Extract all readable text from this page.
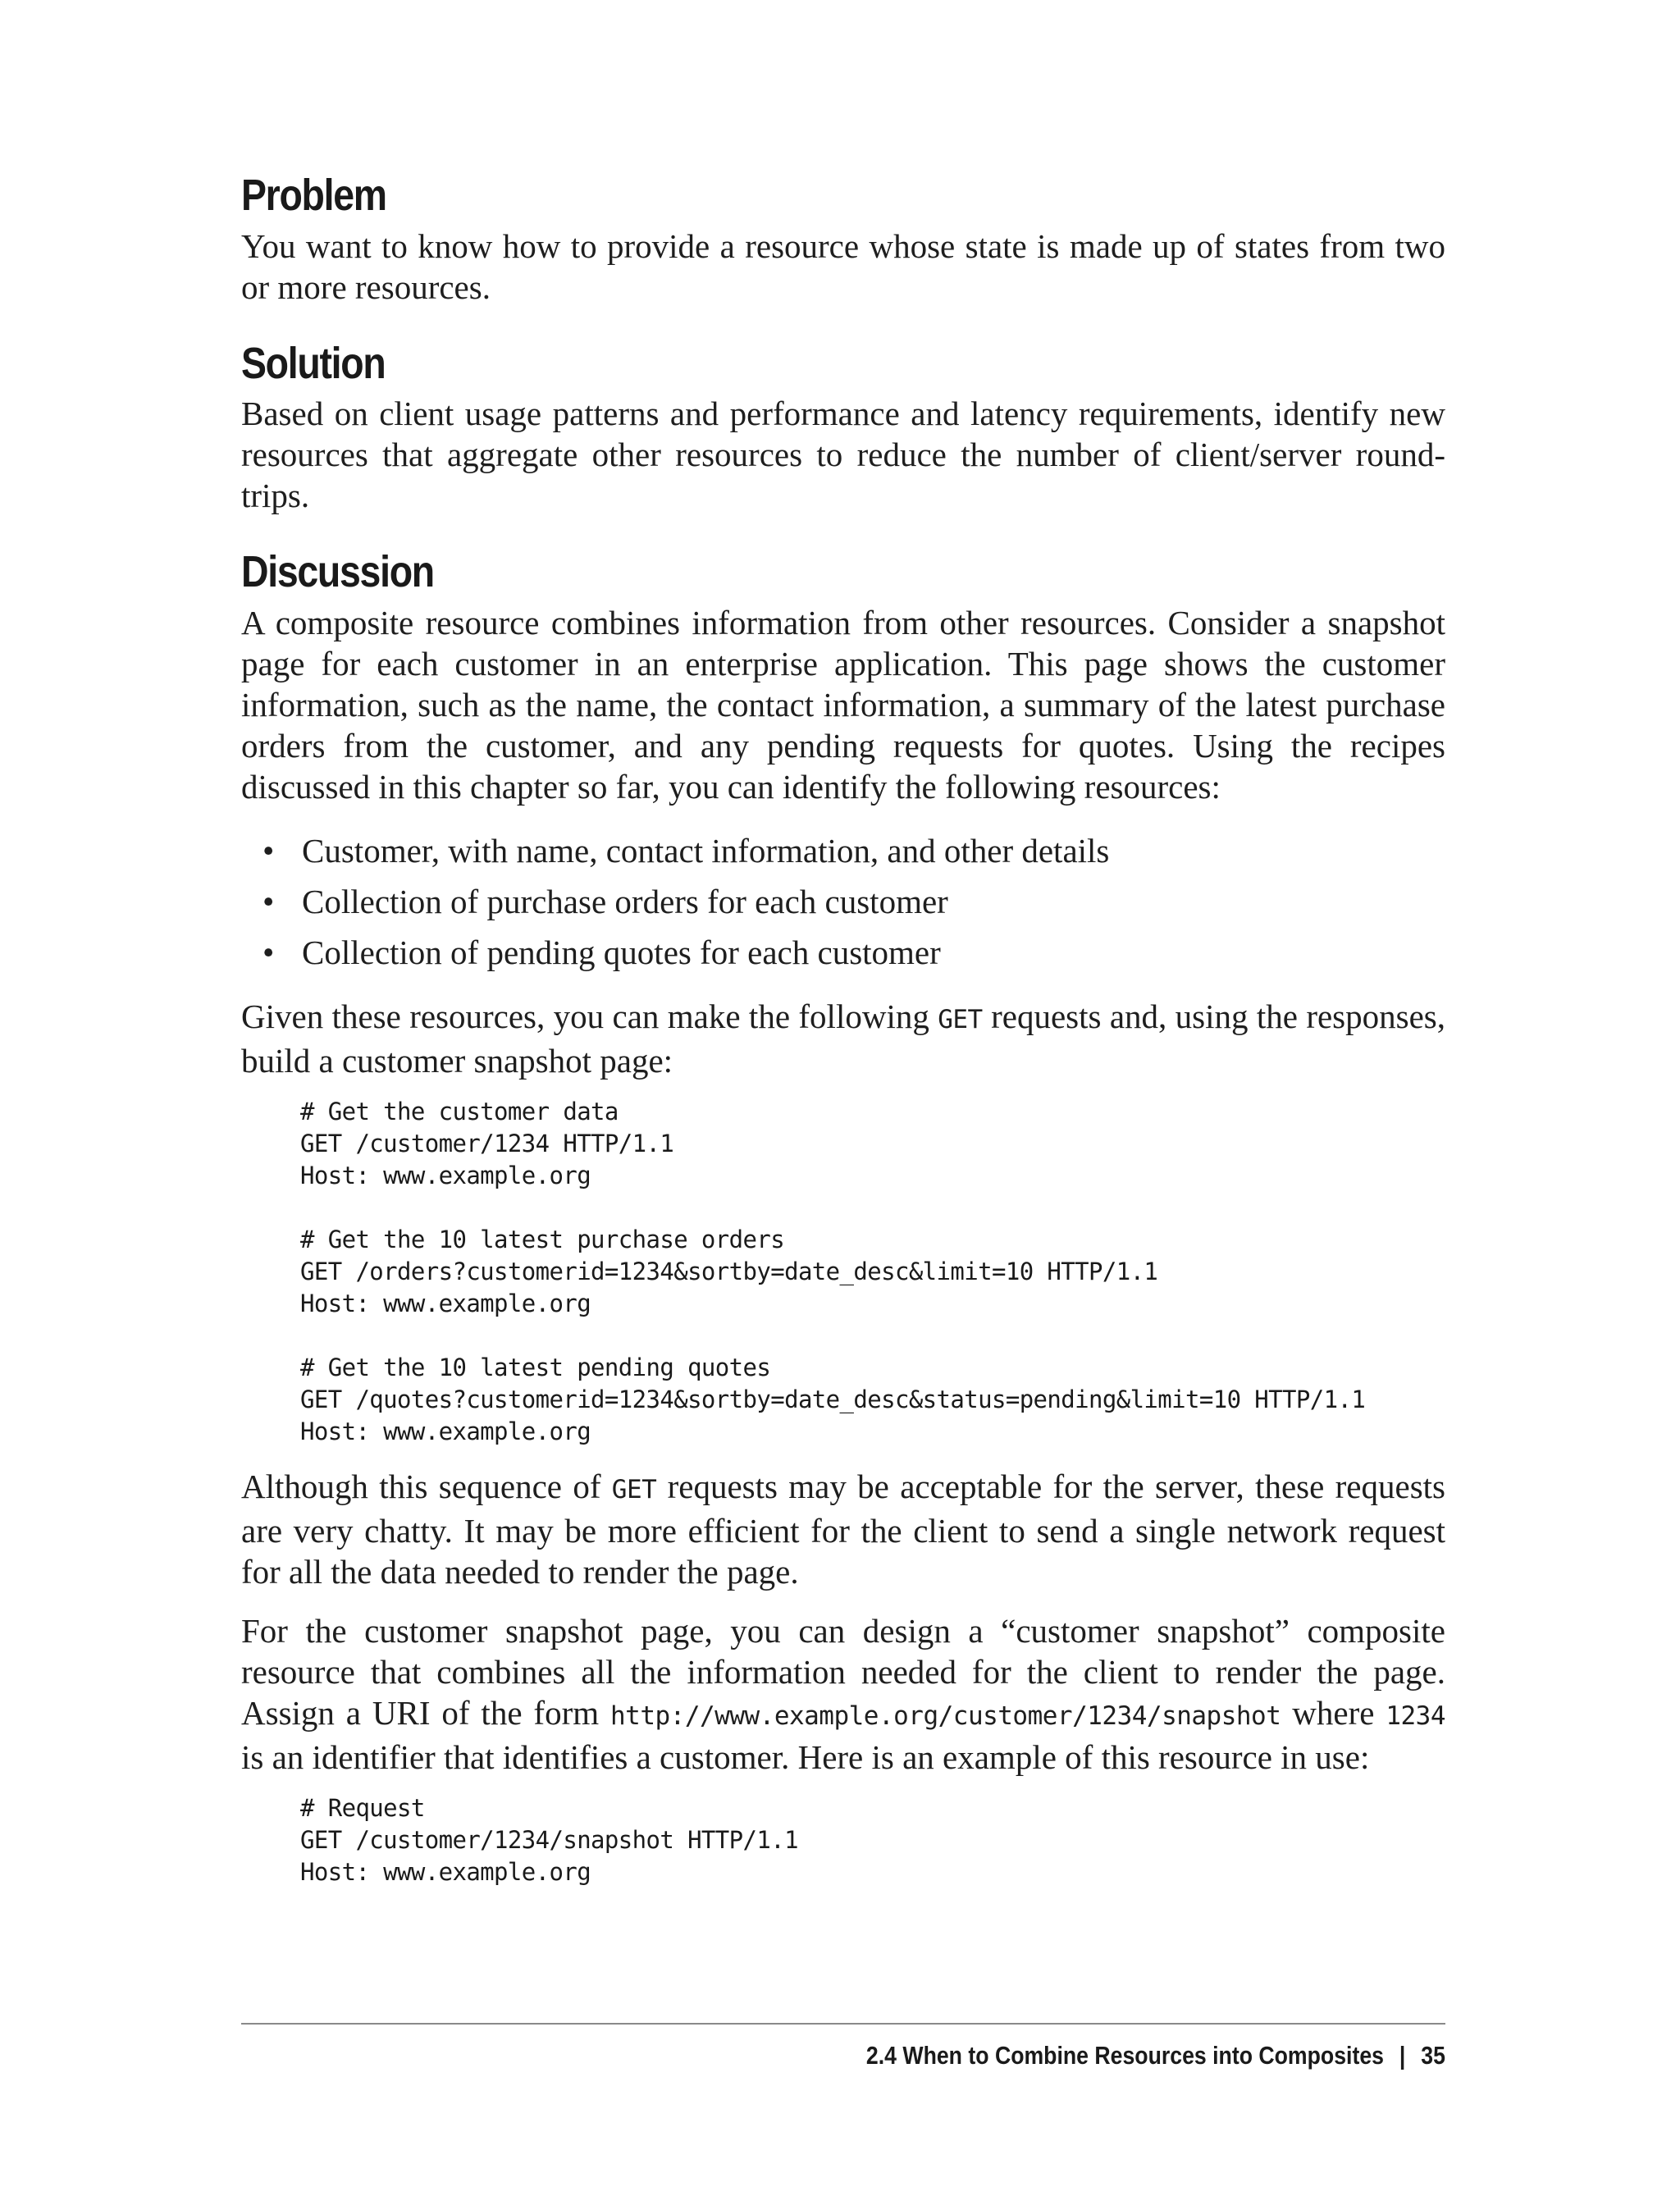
Problem

You want to know how to provide a resource whose state is made up of states from two or more resources.

Solution

Based on client usage patterns and performance and latency requirements, identify new resources that aggregate other resources to reduce the number of client/server round-trips.

Discussion

A composite resource combines information from other resources. Consider a snapshot page for each customer in an enterprise application. This page shows the customer information, such as the name, the contact information, a summary of the latest purchase orders from the customer, and any pending requests for quotes. Using the recipes discussed in this chapter so far, you can identify the following resources:

• Customer, with name, contact information, and other details
• Collection of purchase orders for each customer
• Collection of pending quotes for each customer

Given these resources, you can make the following GET requests and, using the responses, build a customer snapshot page:

# Get the customer data
GET /customer/1234 HTTP/1.1
Host: www.example.org

# Get the 10 latest purchase orders
GET /orders?customerid=1234&sortby=date_desc&limit=10 HTTP/1.1
Host: www.example.org

# Get the 10 latest pending quotes
GET /quotes?customerid=1234&sortby=date_desc&status=pending&limit=10 HTTP/1.1
Host: www.example.org

Although this sequence of GET requests may be acceptable for the server, these requests are very chatty. It may be more efficient for the client to send a single network request for all the data needed to render the page.

For the customer snapshot page, you can design a “customer snapshot” composite resource that combines all the information needed for the client to render the page. Assign a URI of the form http://www.example.org/customer/1234/snapshot where 1234 is an identifier that identifies a customer. Here is an example of this resource in use:

# Request
GET /customer/1234/snapshot HTTP/1.1
Host: www.example.org
2.4 When to Combine Resources into Composites | 35
